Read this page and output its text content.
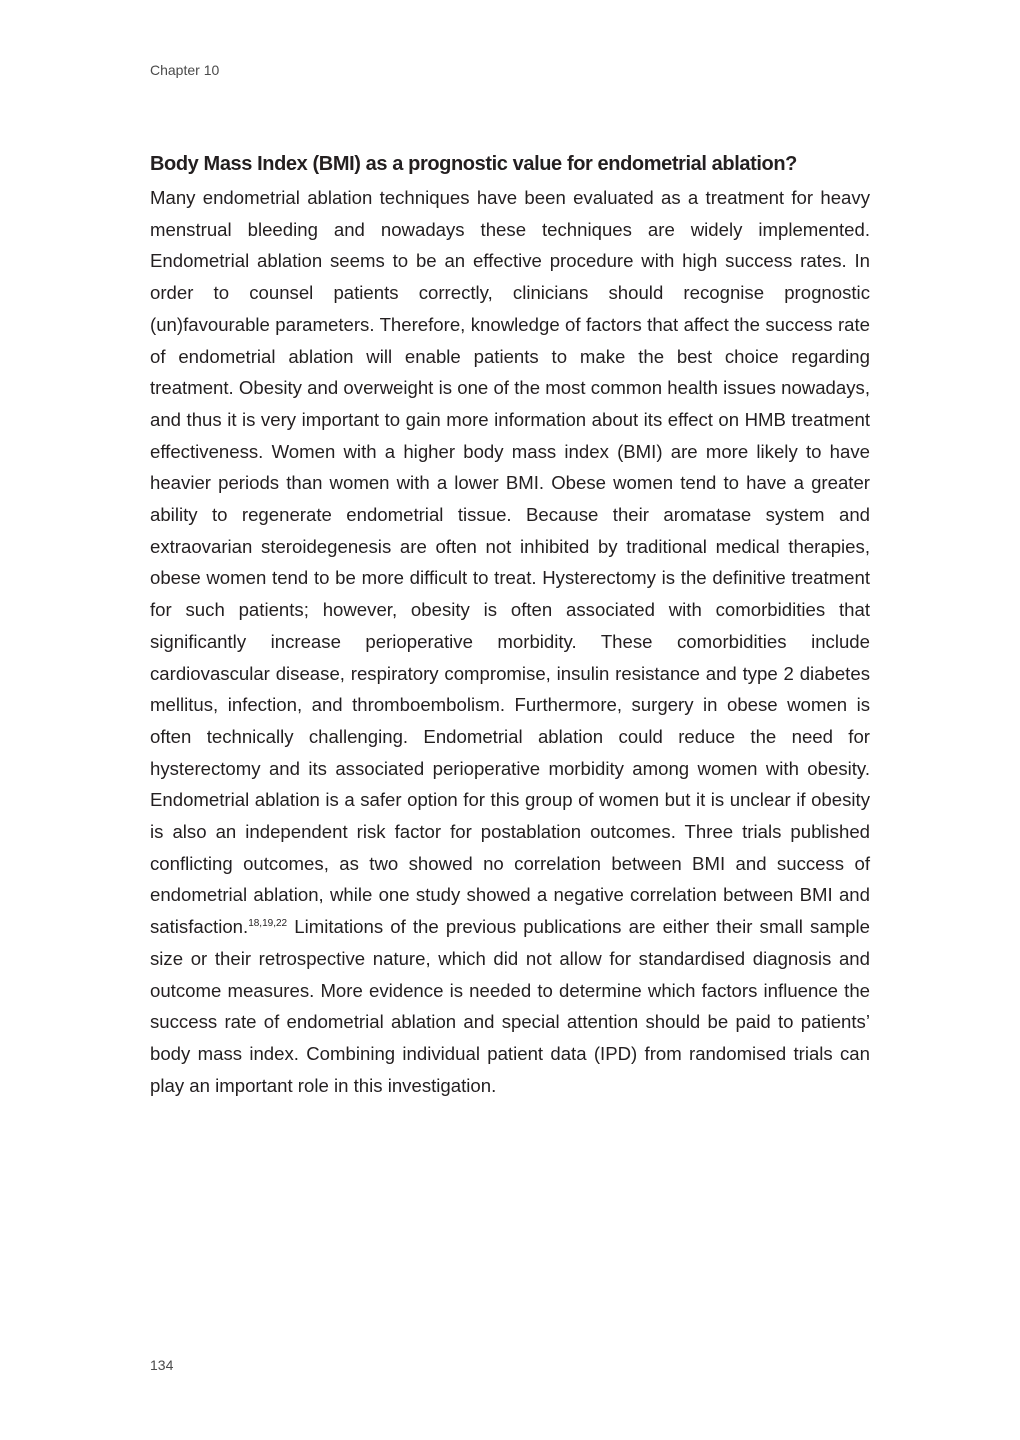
Chapter 10
Body Mass Index (BMI) as a prognostic value for endometrial ablation?

Many endometrial ablation techniques have been evaluated as a treatment for heavy menstrual bleeding and nowadays these techniques are widely implemented. Endometrial ablation seems to be an effective procedure with high success rates. In order to counsel patients correctly, clinicians should recognise prognostic (un)favourable parameters. Therefore, knowledge of factors that affect the success rate of endometrial ablation will enable patients to make the best choice regarding treatment. Obesity and overweight is one of the most common health issues nowadays, and thus it is very important to gain more information about its effect on HMB treatment effectiveness. Women with a higher body mass index (BMI) are more likely to have heavier periods than women with a lower BMI. Obese women tend to have a greater ability to regenerate endometrial tissue. Because their aromatase system and extraovarian steroidegenesis are often not inhibited by traditional medical therapies, obese women tend to be more difficult to treat. Hysterectomy is the definitive treatment for such patients; however, obesity is often associated with comorbidities that significantly increase perioperative morbidity. These comorbidities include cardiovascular disease, respiratory compromise, insulin resistance and type 2 diabetes mellitus, infection, and thromboembolism. Furthermore, surgery in obese women is often technically challenging. Endometrial ablation could reduce the need for hysterectomy and its associated perioperative morbidity among women with obesity. Endometrial ablation is a safer option for this group of women but it is unclear if obesity is also an independent risk factor for postablation outcomes. Three trials published conflicting outcomes, as two showed no correlation between BMI and success of endometrial ablation, while one study showed a negative correlation between BMI and satisfaction.$^{18,19,22}$ Limitations of the previous publications are either their small sample size or their retrospective nature, which did not allow for standardised diagnosis and outcome measures. More evidence is needed to determine which factors influence the success rate of endometrial ablation and special attention should be paid to patients’ body mass index. Combining individual patient data (IPD) from randomised trials can play an important role in this investigation.

134
